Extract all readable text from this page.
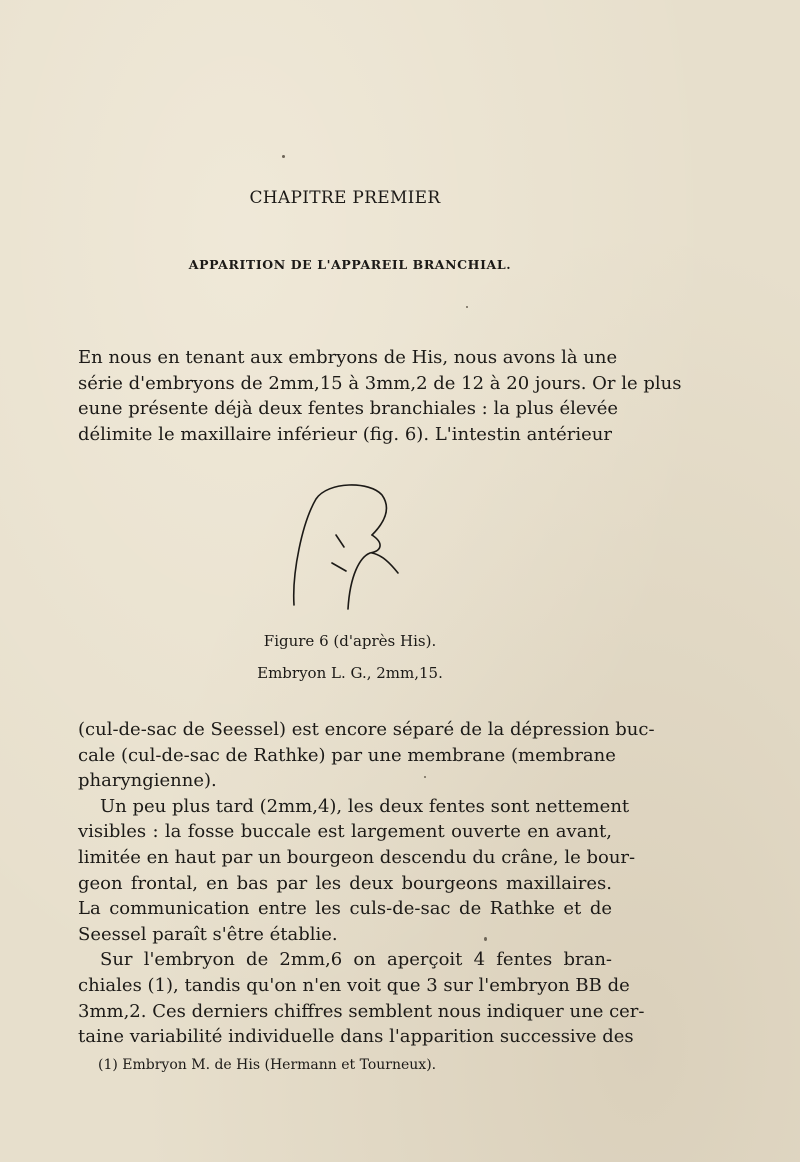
CHAPITRE PREMIER
APPARITION DE L'APPAREIL BRANCHIAL.
En nous en tenant aux embryons de His, nous avons là une
série d'embryons de 2mm,15 à 3mm,2 de 12 à 20 jours. Or le plus
eune présente déjà deux fentes branchiales : la plus élevée
délimite le maxillaire inférieur (fig. 6). L'intestin antérieur
Figure 6 (d'après His).
Embryon L. G., 2mm,15.
(cul-de-sac de Seessel) est encore séparé de la dépression buc-
cale (cul-de-sac de Rathke) par une membrane (membrane
pharyngienne).
Un peu plus tard (2mm,4), les deux fentes sont nettement
visibles : la fosse buccale est largement ouverte en avant,
limitée en haut par un bourgeon descendu du crâne, le bour-
geon frontal, en bas par les deux bourgeons maxillaires.
La communication entre les culs-de-sac de Rathke et de
Seessel paraît s'être établie.
Sur l'embryon de 2mm,6 on aperçoit 4 fentes bran-
chiales (1), tandis qu'on n'en voit que 3 sur l'embryon BB de
3mm,2. Ces derniers chiffres semblent nous indiquer une cer-
taine variabilité individuelle dans l'apparition successive des
(1) Embryon M. de His (Hermann et Tourneux).
